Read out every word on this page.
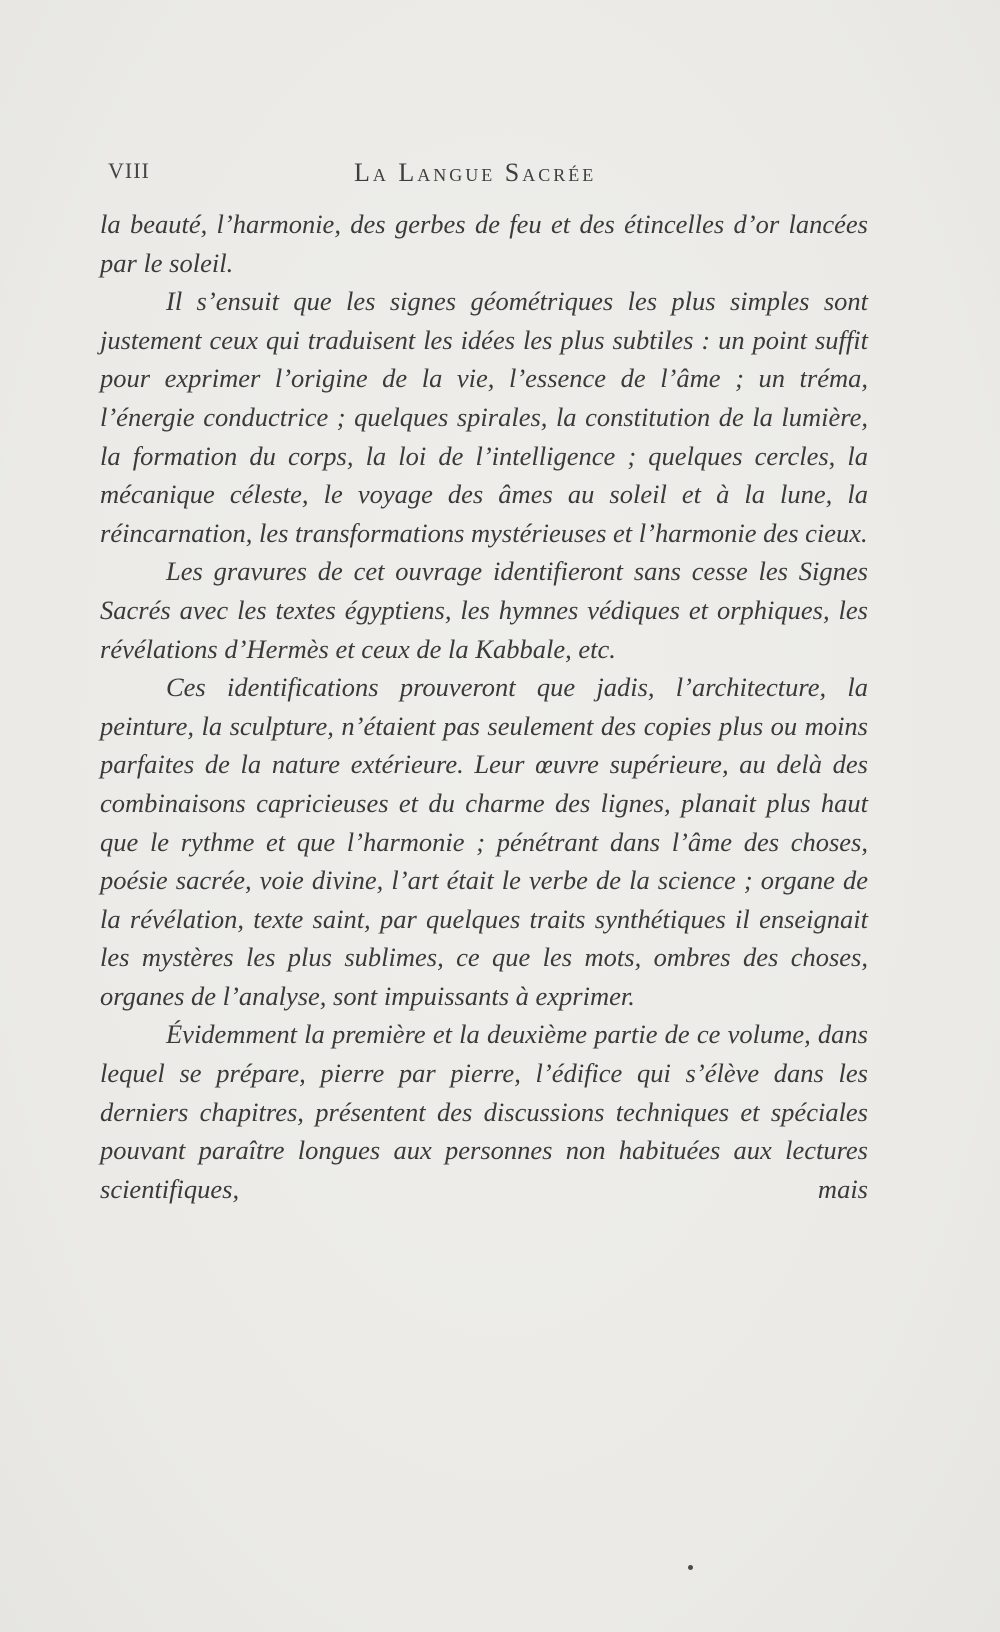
VIII	La Langue Sacrée

la beauté, l’harmonie, des gerbes de feu et des étincelles d’or lancées par le soleil.

Il s’ensuit que les signes géométriques les plus simples sont justement ceux qui traduisent les idées les plus subtiles : un point suffit pour exprimer l’origine de la vie, l’essence de l’âme ; un tréma, l’énergie conductrice ; quelques spirales, la constitution de la lumière, la formation du corps, la loi de l’intelligence ; quelques cercles, la mécanique céleste, le voyage des âmes au soleil et à la lune, la réincarnation, les transformations mystérieuses et l’harmonie des cieux.

Les gravures de cet ouvrage identifieront sans cesse les Signes Sacrés avec les textes égyptiens, les hymnes védiques et orphiques, les révélations d’Hermès et ceux de la Kabbale, etc.

Ces identifications prouveront que jadis, l’architecture, la peinture, la sculpture, n’étaient pas seulement des copies plus ou moins parfaites de la nature extérieure. Leur œuvre supérieure, au delà des combinaisons capricieuses et du charme des lignes, planait plus haut que le rythme et que l’harmonie ; pénétrant dans l’âme des choses, poésie sacrée, voie divine, l’art était le verbe de la science ; organe de la révélation, texte saint, par quelques traits synthétiques il enseignait les mystères les plus sublimes, ce que les mots, ombres des choses, organes de l’analyse, sont impuissants à exprimer.

Évidemment la première et la deuxième partie de ce volume, dans lequel se prépare, pierre par pierre, l’édifice qui s’élève dans les derniers chapitres, présentent des discussions techniques et spéciales pouvant paraître longues aux personnes non habituées aux lectures scientifiques, mais
